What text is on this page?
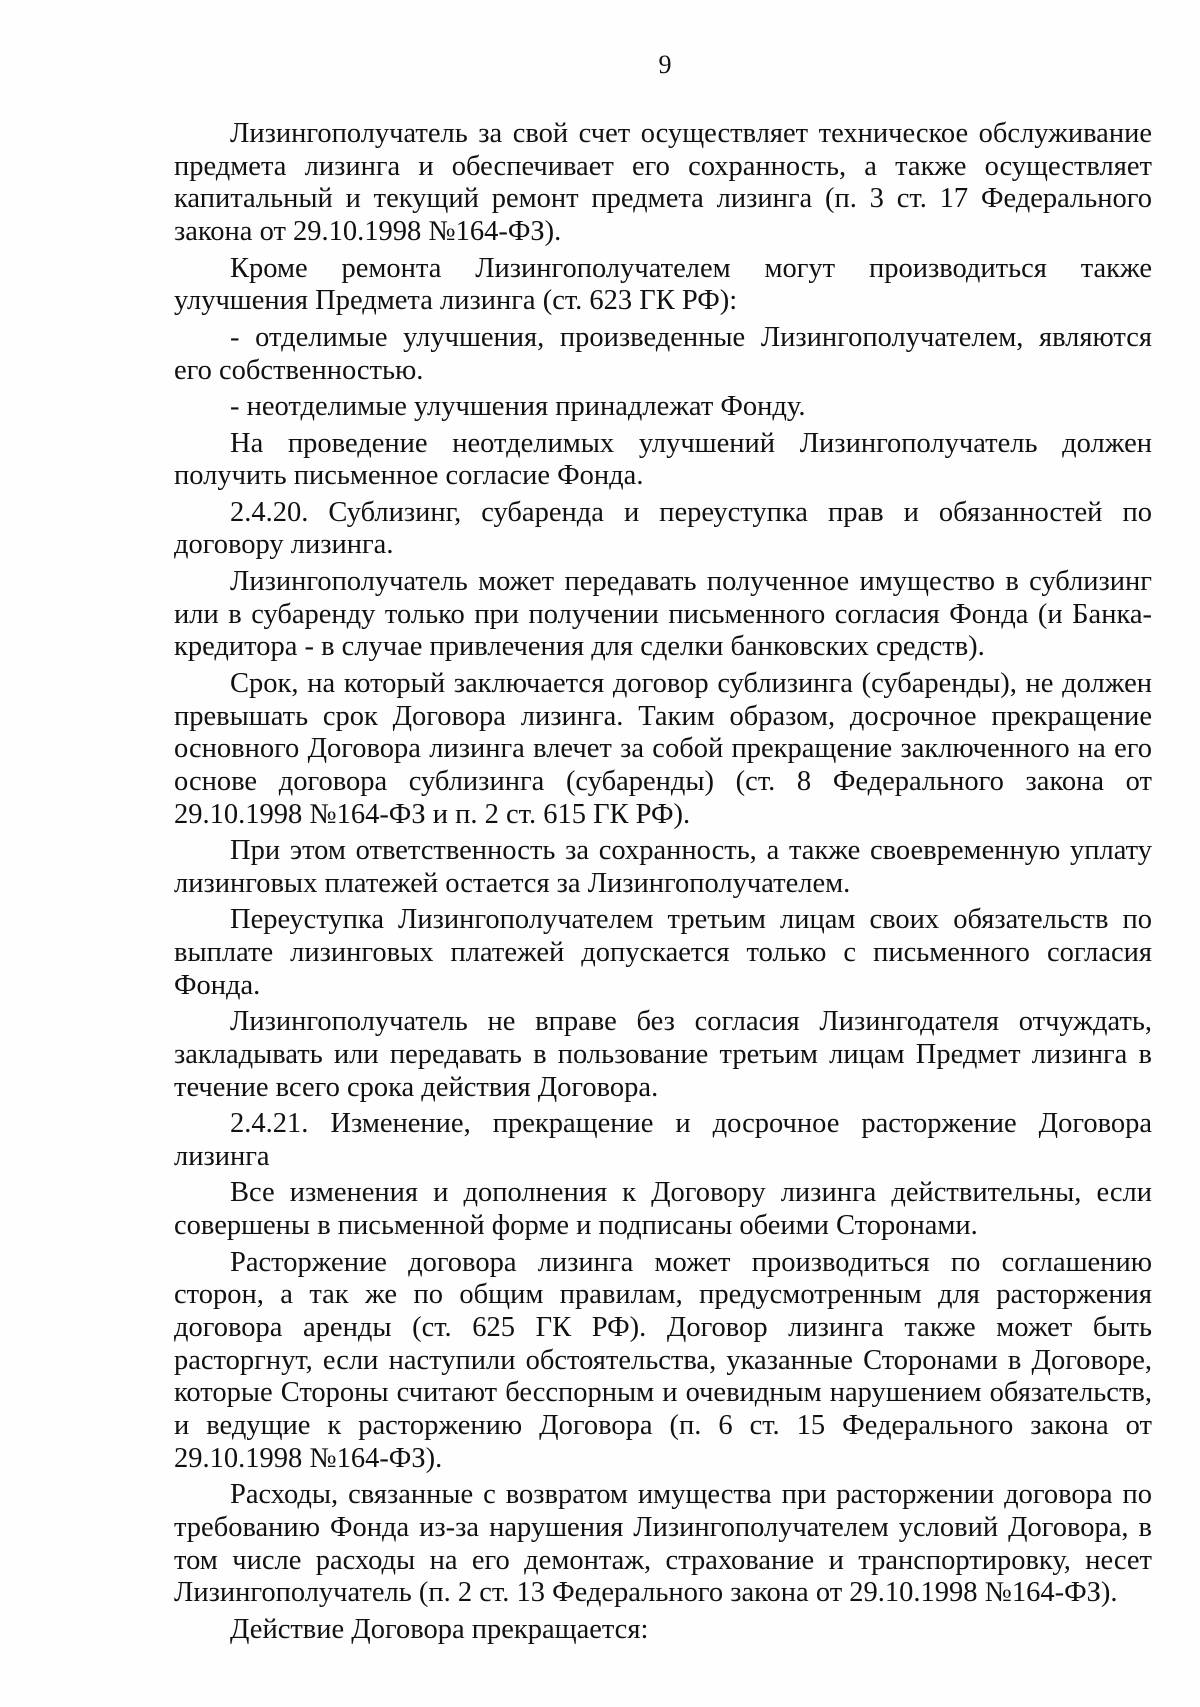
9

Лизингополучатель за свой счет осуществляет техническое обслуживание предмета лизинга и обеспечивает его сохранность, а также осуществляет капитальный и текущий ремонт предмета лизинга (п. 3 ст. 17 Федерального закона от 29.10.1998 №164-ФЗ).

Кроме ремонта Лизингополучателем могут производиться также улучшения Предмета лизинга (ст. 623 ГК РФ):

- отделимые улучшения, произведенные Лизингополучателем, являются его собственностью.

- неотделимые улучшения принадлежат Фонду.

На проведение неотделимых улучшений Лизингополучатель должен получить письменное согласие Фонда.

2.4.20. Сублизинг, субаренда и переуступка прав и обязанностей по договору лизинга.

Лизингополучатель может передавать полученное имущество в сублизинг или в субаренду только при получении письменного согласия Фонда (и Банка-кредитора - в случае привлечения для сделки банковских средств).

Срок, на который заключается договор сублизинга (субаренды), не должен превышать срок Договора лизинга. Таким образом, досрочное прекращение основного Договора лизинга влечет за собой прекращение заключенного на его основе договора сублизинга (субаренды) (ст. 8 Федерального закона от 29.10.1998 №164-ФЗ и п. 2 ст. 615 ГК РФ).

При этом ответственность за сохранность, а также своевременную уплату лизинговых платежей остается за Лизингополучателем.

Переуступка Лизингополучателем третьим лицам своих обязательств по выплате лизинговых платежей допускается только с письменного согласия Фонда.

Лизингополучатель не вправе без согласия Лизингодателя отчуждать, закладывать или передавать в пользование третьим лицам Предмет лизинга в течение всего срока действия Договора.

2.4.21. Изменение, прекращение и досрочное расторжение Договора лизинга

Все изменения и дополнения к Договору лизинга действительны, если совершены в письменной форме и подписаны обеими Сторонами.

Расторжение договора лизинга может производиться по соглашению сторон, а так же по общим правилам, предусмотренным для расторжения договора аренды (ст. 625 ГК РФ). Договор лизинга также может быть расторгнут, если наступили обстоятельства, указанные Сторонами в Договоре, которые Стороны считают бесспорным и очевидным нарушением обязательств, и ведущие к расторжению Договора (п. 6 ст. 15 Федерального закона от 29.10.1998 №164-ФЗ).

Расходы, связанные с возвратом имущества при расторжении договора по требованию Фонда из-за нарушения Лизингополучателем условий Договора, в том числе расходы на его демонтаж, страхование и транспортировку, несет Лизингополучатель (п. 2 ст. 13 Федерального закона от 29.10.1998 №164-ФЗ).

Действие Договора прекращается:
